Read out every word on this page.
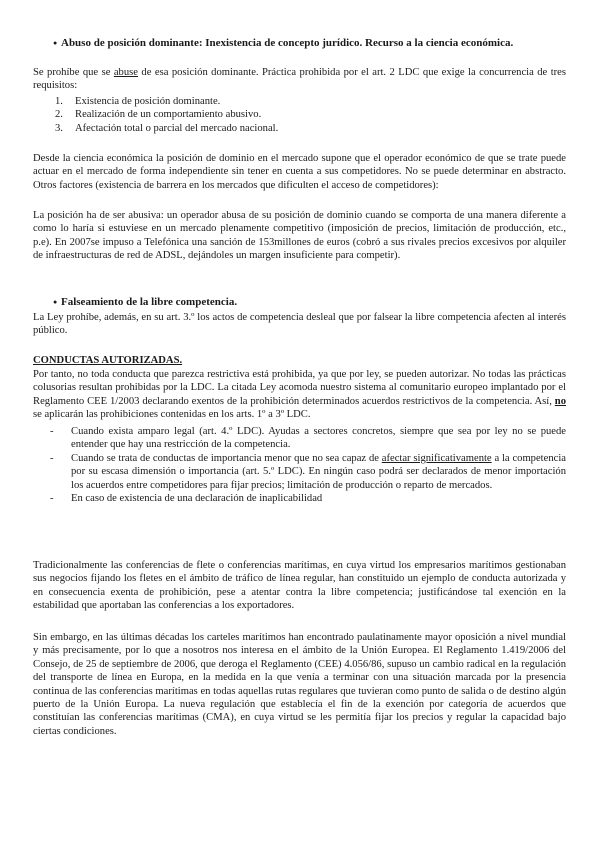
●
Abuso de posición dominante: Inexistencia de concepto jurídico. Recurso a la ciencia económica.

Se prohíbe que se abuse de esa posición dominante. Práctica prohibida por el art. 2 LDC que exige la concurrencia de tres requisitos:

1.	Existencia de posición dominante.
2.	Realización de un comportamiento abusivo.
3.	Afectación total o parcial del mercado nacional.

Desde la ciencia económica la posición de dominio en el mercado supone que el operador económico de que se trate puede actuar en el mercado de forma independiente sin tener en cuenta a sus competidores. No se puede determinar en abstracto. Otros factores (existencia de barrera en los mercados que dificulten el acceso de competidores):

La posición ha de ser abusiva: un operador abusa de su posición de dominio cuando se comporta de una manera diferente a como lo haría si estuviese en un mercado plenamente competitivo (imposición de precios, limitación de producción, etc., p.e). En 2007se impuso a Telefónica una sanción de 153millones de euros (cobró a sus rivales precios excesivos por alquiler de infraestructuras de red de ADSL, dejándoles un margen insuficiente para competir).

●
Falseamiento de la libre competencia.

La Ley prohíbe, además, en su art. 3.º los actos de competencia desleal que por falsear la libre competencia afecten al interés público.

CONDUCTAS AUTORIZADAS.

Por tanto, no toda conducta que parezca restrictiva está prohibida, ya que por ley, se pueden autorizar. No todas las prácticas colusorias resultan prohibidas por la LDC. La citada Ley acomoda nuestro sistema al comunitario europeo implantado por el Reglamento CEE 1/2003 declarando exentos de la prohibición determinados acuerdos restrictivos de la competencia. Así, no se aplicarán las prohibiciones contenidas en los arts. 1º a 3º LDC.

-	Cuando exista amparo legal (art. 4.º LDC). Ayudas a sectores concretos, siempre que sea por ley no se puede entender que hay una restricción de la competencia.
-	Cuando se trata de conductas de importancia menor que no sea capaz de afectar significativamente a la competencia por su escasa dimensión o importancia (art. 5.º LDC). En ningún caso podrá ser declarados de menor importación los acuerdos entre competidores para fijar precios; limitación de producción o reparto de mercados.
-	En caso de existencia de una declaración de inaplicabilidad

Tradicionalmente las conferencias de flete o conferencias marítimas, en cuya virtud los empresarios marítimos gestionaban sus negocios fijando los fletes en el ámbito de tráfico de línea regular, han constituido un ejemplo de conducta autorizada y en consecuencia exenta de prohibición, pese a atentar contra la libre competencia; justificándose tal exención en la estabilidad que aportaban las conferencias a los exportadores.

Sin embargo, en las últimas décadas los carteles marítimos han encontrado paulatinamente mayor oposición a nivel mundial y más precisamente, por lo que a nosotros nos interesa en el ámbito de la Unión Europea. El Reglamento 1.419/2006 del Consejo, de 25 de septiembre de 2006, que deroga el Reglamento (CEE) 4.056/86, supuso un cambio radical en la regulación del transporte de línea en Europa, en la medida en la que venía a terminar con una situación marcada por la presencia continua de las conferencias marítimas en todas aquellas rutas regulares que tuvieran como punto de salida o de destino algún puerto de la Unión Europa. La nueva regulación que establecía el fin de la exención por categoría de acuerdos que constituían las conferencias marítimas (CMA), en cuya virtud se les permitía fijar los precios y regular la capacidad bajo ciertas condiciones.
